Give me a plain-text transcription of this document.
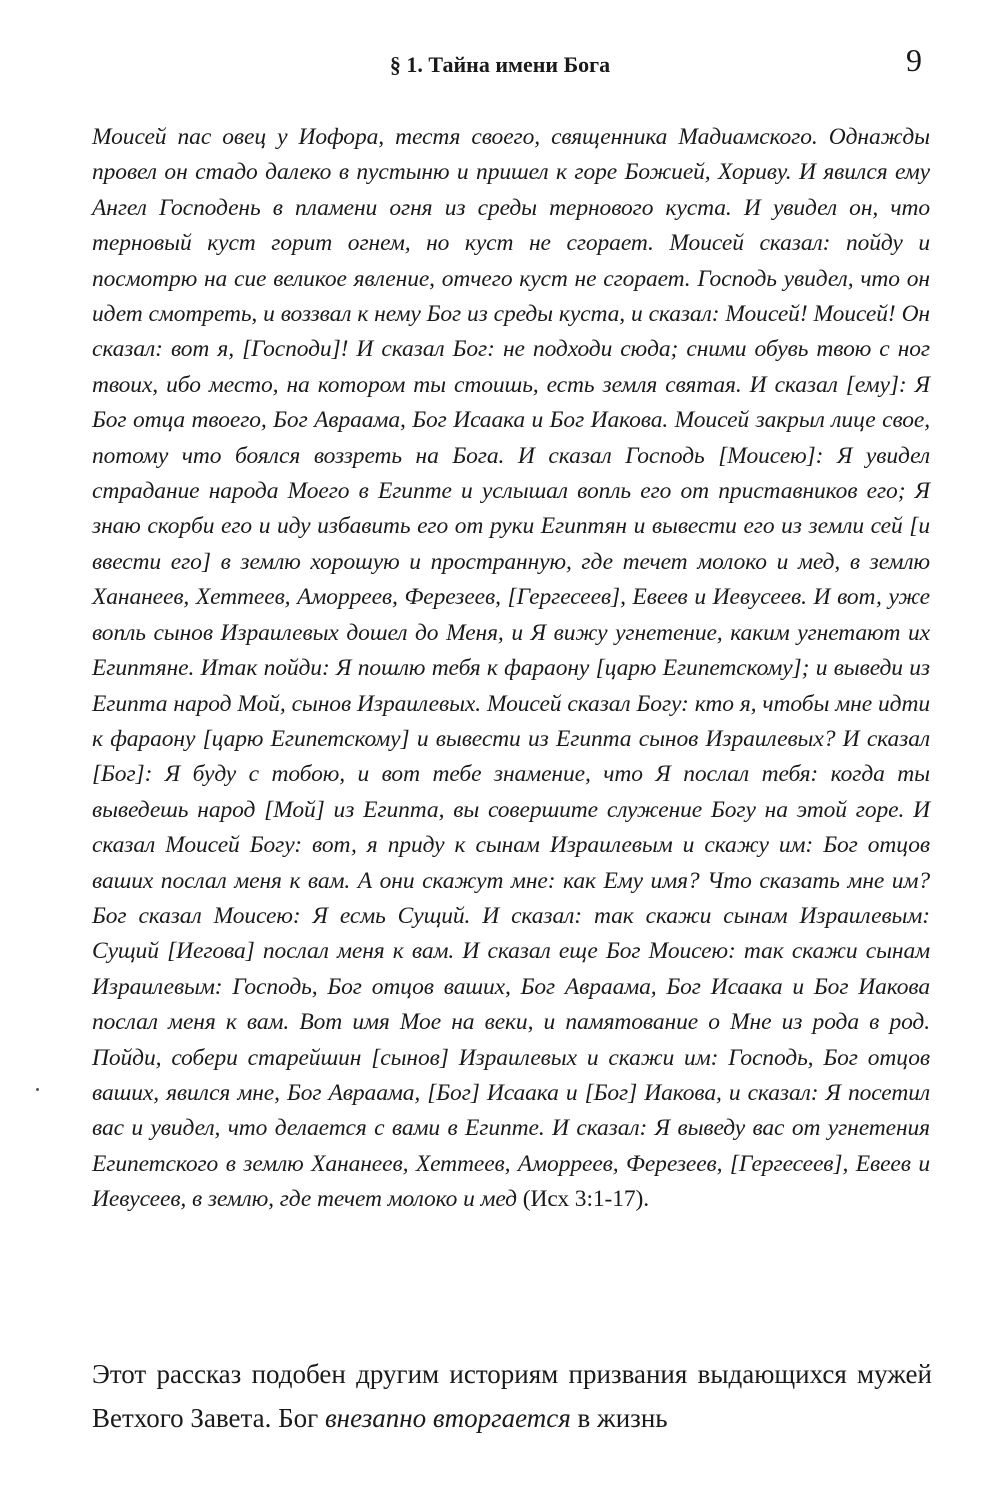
§ 1. Тайна имени Бога	9

Моисей пас овец у Иофора, тестя своего, священника Мадиамского. Однажды провел он стадо далеко в пустыню и пришел к горе Божией, Хориву. И явился ему Ангел Господень в пламени огня из среды тернового куста. И увидел он, что терновый куст горит огнем, но куст не сгорает. Моисей сказал: пойду и посмотрю на сие великое явление, отчего куст не сгорает. Господь увидел, что он идет смотреть, и воззвал к нему Бог из среды куста, и сказал: Моисей! Моисей! Он сказал: вот я, [Господи]! И сказал Бог: не подходи сюда; сними обувь твою с ног твоих, ибо место, на котором ты стоишь, есть земля святая. И сказал [ему]: Я Бог отца твоего, Бог Авраама, Бог Исаака и Бог Иакова. Моисей закрыл лице свое, потому что боялся воззреть на Бога. И сказал Господь [Моисею]: Я увидел страдание народа Моего в Египте и услышал вопль его от приставников его; Я знаю скорби его и иду избавить его от руки Египтян и вывести его из земли сей [и ввести его] в землю хорошую и пространную, где течет молоко и мед, в землю Хананеев, Хеттеев, Аморреев, Ферезеев, [Гергесеев], Евеев и Иевусеев. И вот, уже вопль сынов Израилевых дошел до Меня, и Я вижу угнетение, каким угнетают их Египтяне. Итак пойди: Я пошлю тебя к фараону [царю Египетскому]; и выведи из Египта народ Мой, сынов Израилевых. Моисей сказал Богу: кто я, чтобы мне идти к фараону [царю Египетскому] и вывести из Египта сынов Израилевых? И сказал [Бог]: Я буду с тобою, и вот тебе знамение, что Я послал тебя: когда ты выведешь народ [Мой] из Египта, вы совершите служение Богу на этой горе. И сказал Моисей Богу: вот, я приду к сынам Израилевым и скажу им: Бог отцов ваших послал меня к вам. А они скажут мне: как Ему имя? Что сказать мне им? Бог сказал Моисею: Я есмь Сущий. И сказал: так скажи сынам Израилевым: Сущий [Иегова] послал меня к вам. И сказал еще Бог Моисею: так скажи сынам Израилевым: Господь, Бог отцов ваших, Бог Авраама, Бог Исаака и Бог Иакова послал меня к вам. Вот имя Мое на веки, и памятование о Мне из рода в род. Пойди, собери старейшин [сынов] Израилевых и скажи им: Господь, Бог отцов ваших, явился мне, Бог Авраама, [Бог] Исаака и [Бог] Иакова, и сказал: Я посетил вас и увидел, что делается с вами в Египте. И сказал: Я выведу вас от угнетения Египетского в землю Хананеев, Хеттеев, Аморреев, Ферезеев, [Гергесеев], Евеев и Иевусеев, в землю, где течет молоко и мед (Исх 3:1-17).

Этот рассказ подобен другим историям призвания выдающихся мужей Ветхого Завета. Бог внезапно вторгается в жизнь
